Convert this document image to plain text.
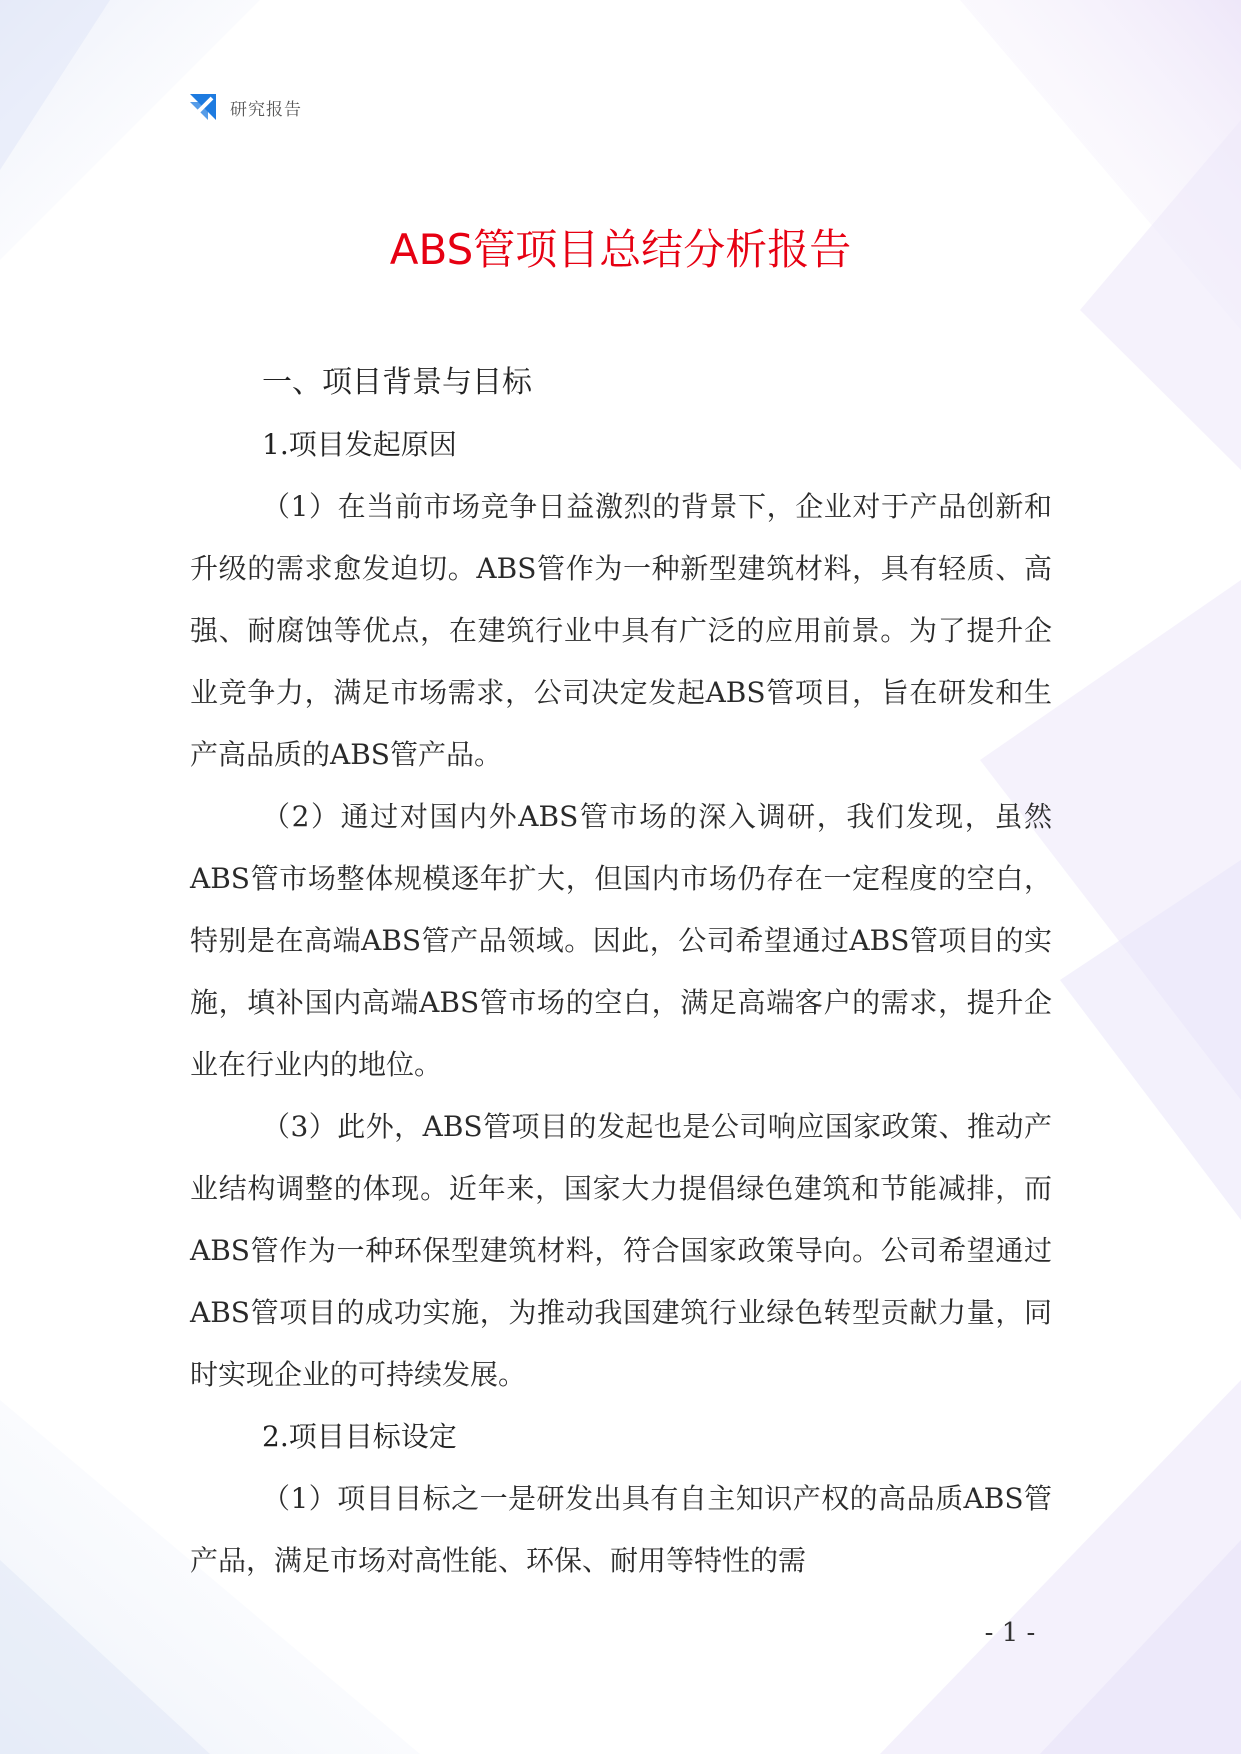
研究报告
ABS管项目总结分析报告
一、项目背景与目标
1.项目发起原因

（1）在当前市场竞争日益激烈的背景下，企业对于产品创新和升级的需求愈发迫切。ABS管作为一种新型建筑材料，具有轻质、高强、耐腐蚀等优点，在建筑行业中具有广泛的应用前景。为了提升企业竞争力，满足市场需求，公司决定发起ABS管项目，旨在研发和生产高品质的ABS管产品。

（2）通过对国内外ABS管市场的深入调研，我们发现，虽然ABS管市场整体规模逐年扩大，但国内市场仍存在一定程度的空白，特别是在高端ABS管产品领域。因此，公司希望通过ABS管项目的实施，填补国内高端ABS管市场的空白，满足高端客户的需求，提升企业在行业内的地位。

（3）此外，ABS管项目的发起也是公司响应国家政策、推动产业结构调整的体现。近年来，国家大力提倡绿色建筑和节能减排，而ABS管作为一种环保型建筑材料，符合国家政策导向。公司希望通过ABS管项目的成功实施，为推动我国建筑行业绿色转型贡献力量，同时实现企业的可持续发展。

2.项目目标设定

（1）项目目标之一是研发出具有自主知识产权的高品质ABS管产品，满足市场对高性能、环保、耐用等特性的需

- 1 -
